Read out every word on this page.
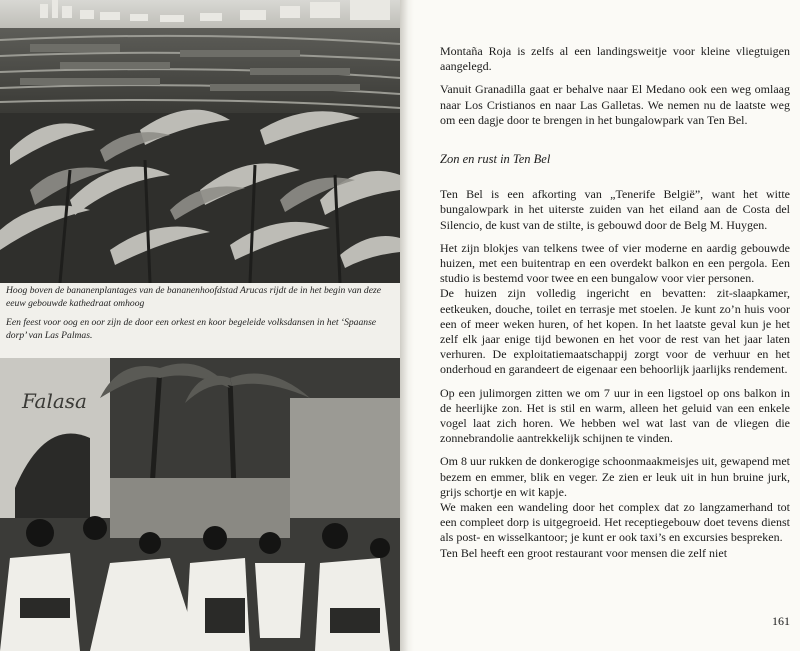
Hoog boven de bananenplantages van de bananenhoofdstad Arucas rijdt de in het begin van deze eeuw gebouwde kathedraat omhoog

Een feest voor oog en oor zijn de door een orkest en koor begeleide volksdansen in het ‘Spaanse dorp’ van Las Palmas.

Falasa

Montaña Roja is zelfs al een landingsweitje voor kleine vliegtuigen aangelegd.

Vanuit Granadilla gaat er behalve naar El Medano ook een weg omlaag naar Los Cristianos en naar Las Galletas. We nemen nu de laatste weg om een dagje door te brengen in het bungalowpark van Ten Bel.

Zon en rust in Ten Bel

Ten Bel is een afkorting van „Tenerife België”, want het witte bungalowpark in het uiterste zuiden van het eiland aan de Costa del Silencio, de kust van de stilte, is gebouwd door de Belg M. Huygen.

Het zijn blokjes van telkens twee of vier moderne en aardig gebouwde huizen, met een buitentrap en een overdekt balkon en een pergola. Een studio is bestemd voor twee en een bungalow voor vier personen.

De huizen zijn volledig ingericht en bevatten: zit-slaapkamer, eetkeuken, douche, toilet en terrasje met stoelen. Je kunt zo’n huis voor een of meer weken huren, of het kopen. In het laatste geval kun je het zelf elk jaar enige tijd bewonen en het voor de rest van het jaar laten verhuren. De exploitatiemaatschappij zorgt voor de verhuur en het onderhoud en garandeert de eigenaar een behoorlijk jaarlijks rendement.

Op een julimorgen zitten we om 7 uur in een ligstoel op ons balkon in de heerlijke zon. Het is stil en warm, alleen het geluid van een enkele vogel laat zich horen. We hebben wel wat last van de vliegen die zonnebrandolie aantrekkelijk schijnen te vinden.

Om 8 uur rukken de donkerogige schoonmaakmeisjes uit, gewapend met bezem en emmer, blik en veger. Ze zien er leuk uit in hun bruine jurk, grijs schortje en wit kapje.

We maken een wandeling door het complex dat zo langzamerhand tot een compleet dorp is uitgegroeid. Het receptiegebouw doet tevens dienst als post- en wisselkantoor; je kunt er ook taxi’s en excursies bespreken.

Ten Bel heeft een groot restaurant voor mensen die zelf niet

161
